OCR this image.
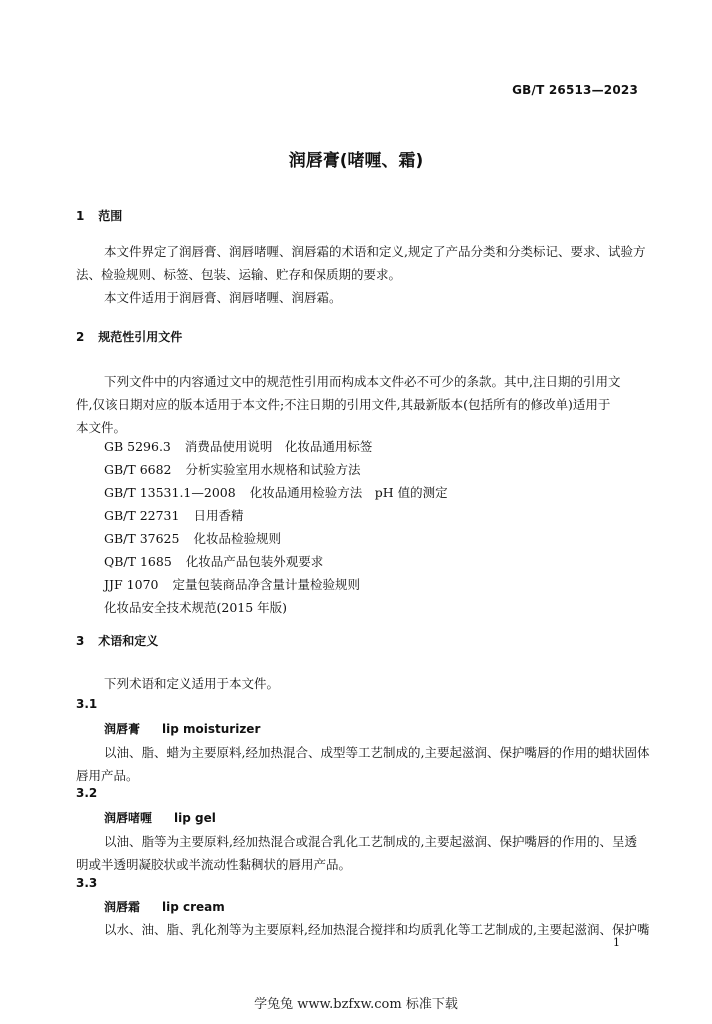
GB/T 26513—2023
润唇膏(啫喱、霜)
1 范围
本文件界定了润唇膏、润唇啫喱、润唇霜的术语和定义,规定了产品分类和分类标记、要求、试验方
法、检验规则、标签、包装、运输、贮存和保质期的要求。
本文件适用于润唇膏、润唇啫喱、润唇霜。
2 规范性引用文件
下列文件中的内容通过文中的规范性引用而构成本文件必不可少的条款。其中,注日期的引用文
件,仅该日期对应的版本适用于本文件;不注日期的引用文件,其最新版本(包括所有的修改单)适用于
本文件。
GB 5296.3 消费品使用说明　化妆品通用标签
GB/T 6682 分析实验室用水规格和试验方法
GB/T 13531.1—2008 化妆品通用检验方法　pH 值的测定
GB/T 22731 日用香精
GB/T 37625 化妆品检验规则
QB/T 1685 化妆品产品包装外观要求
JJF 1070 定量包装商品净含量计量检验规则
化妆品安全技术规范(2015 年版)
3 术语和定义
下列术语和定义适用于本文件。
3.1
润唇膏 lip moisturizer
以油、脂、蜡为主要原料,经加热混合、成型等工艺制成的,主要起滋润、保护嘴唇的作用的蜡状固体
唇用产品。
3.2
润唇啫喱 lip gel
以油、脂等为主要原料,经加热混合或混合乳化工艺制成的,主要起滋润、保护嘴唇的作用的、呈透
明或半透明凝胶状或半流动性黏稠状的唇用产品。
3.3
润唇霜 lip cream
以水、油、脂、乳化剂等为主要原料,经加热混合搅拌和均质乳化等工艺制成的,主要起滋润、保护嘴
1
学兔兔 www.bzfxw.com 标准下载
